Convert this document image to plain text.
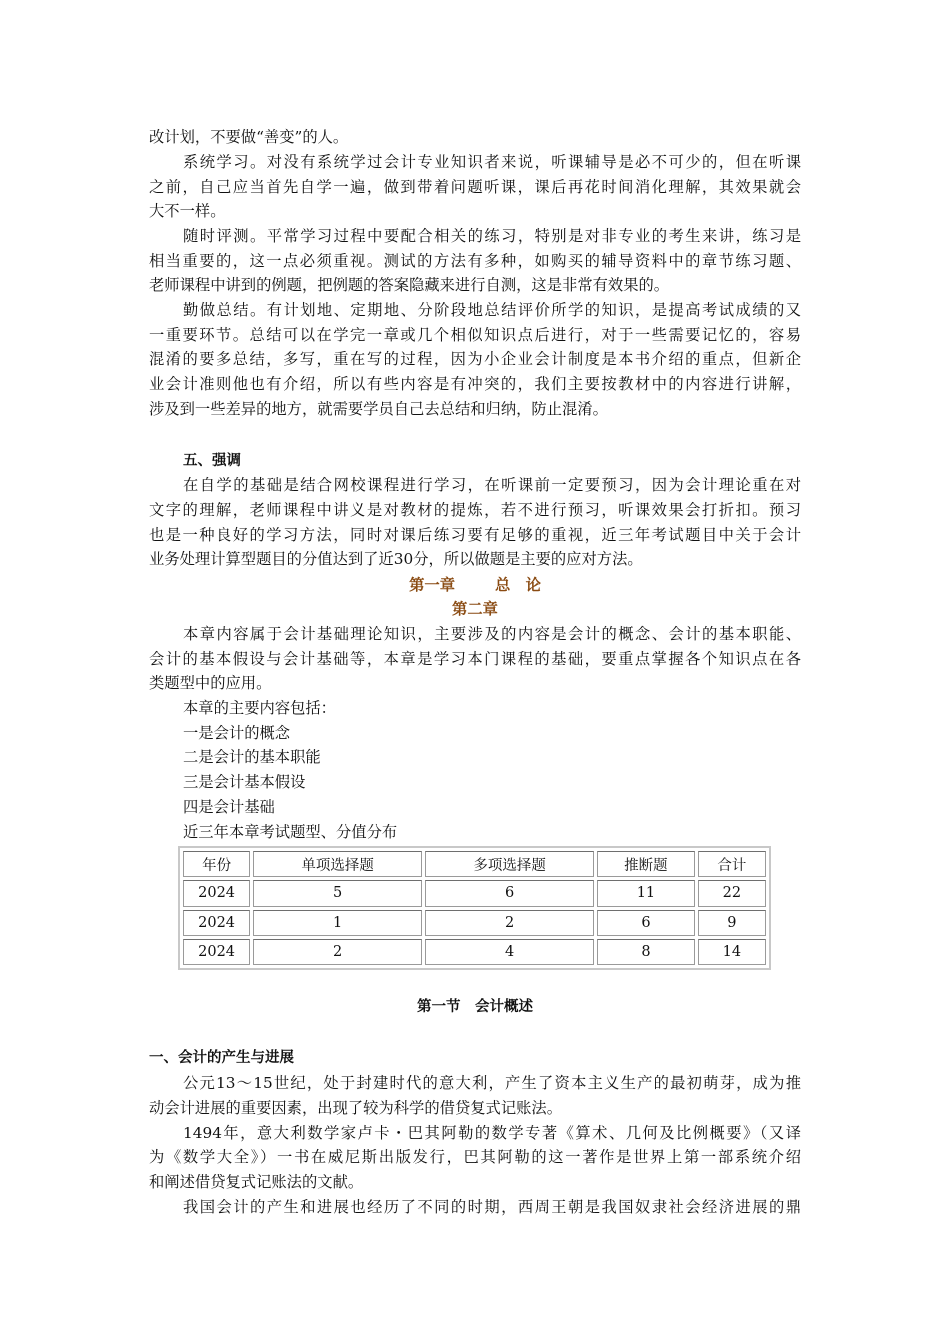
改计划，不要做“善变”的人。
系统学习。对没有系统学过会计专业知识者来说，听课辅导是必不可少的，但在听课
之前，自己应当首先自学一遍，做到带着问题听课，课后再花时间消化理解，其效果就会
大不一样。
随时评测。平常学习过程中要配合相关的练习，特别是对非专业的考生来讲，练习是
相当重要的，这一点必须重视。测试的方法有多种，如购买的辅导资料中的章节练习题、
老师课程中讲到的例题，把例题的答案隐藏来进行自测，这是非常有效果的。
勤做总结。有计划地、定期地、分阶段地总结评价所学的知识，是提高考试成绩的又
一重要环节。总结可以在学完一章或几个相似知识点后进行，对于一些需要记忆的，容易
混淆的要多总结，多写，重在写的过程，因为小企业会计制度是本书介绍的重点，但新企
业会计准则他也有介绍，所以有些内容是有冲突的，我们主要按教材中的内容进行讲解，
涉及到一些差异的地方，就需要学员自己去总结和归纳，防止混淆。
五、强调
在自学的基础是结合网校课程进行学习，在听课前一定要预习，因为会计理论重在对
文字的理解，老师课程中讲义是对教材的提炼，若不进行预习，听课效果会打折扣。预习
也是一种良好的学习方法，同时对课后练习要有足够的重视，近三年考试题目中关于会计
业务处理计算型题目的分值达到了近30分，所以做题是主要的应对方法。
第一章	总　论
第二章
本章内容属于会计基础理论知识，主要涉及的内容是会计的概念、会计的基本职能、
会计的基本假设与会计基础等，本章是学习本门课程的基础，要重点掌握各个知识点在各
类题型中的应用。
本章的主要内容包括：
一是会计的概念
二是会计的基本职能
三是会计基本假设
四是会计基础
近三年本章考试题型、分值分布
年份	单项选择题	多项选择题	推断题	合计
2024	5	6	11	22
2024	1	2	6	9
2024	2	4	8	14
第一节　会计概述
一、会计的产生与进展
公元13～15世纪，处于封建时代的意大利，产生了资本主义生产的最初萌芽，成为推
动会计进展的重要因素，出现了较为科学的借贷复式记账法。
1494年，意大利数学家卢卡・巴其阿勒的数学专著《算术、几何及比例概要》（又译
为《数学大全》）一书在威尼斯出版发行，巴其阿勒的这一著作是世界上第一部系统介绍
和阐述借贷复式记账法的文献。
我国会计的产生和进展也经历了不同的时期，西周王朝是我国奴隶社会经济进展的鼎
